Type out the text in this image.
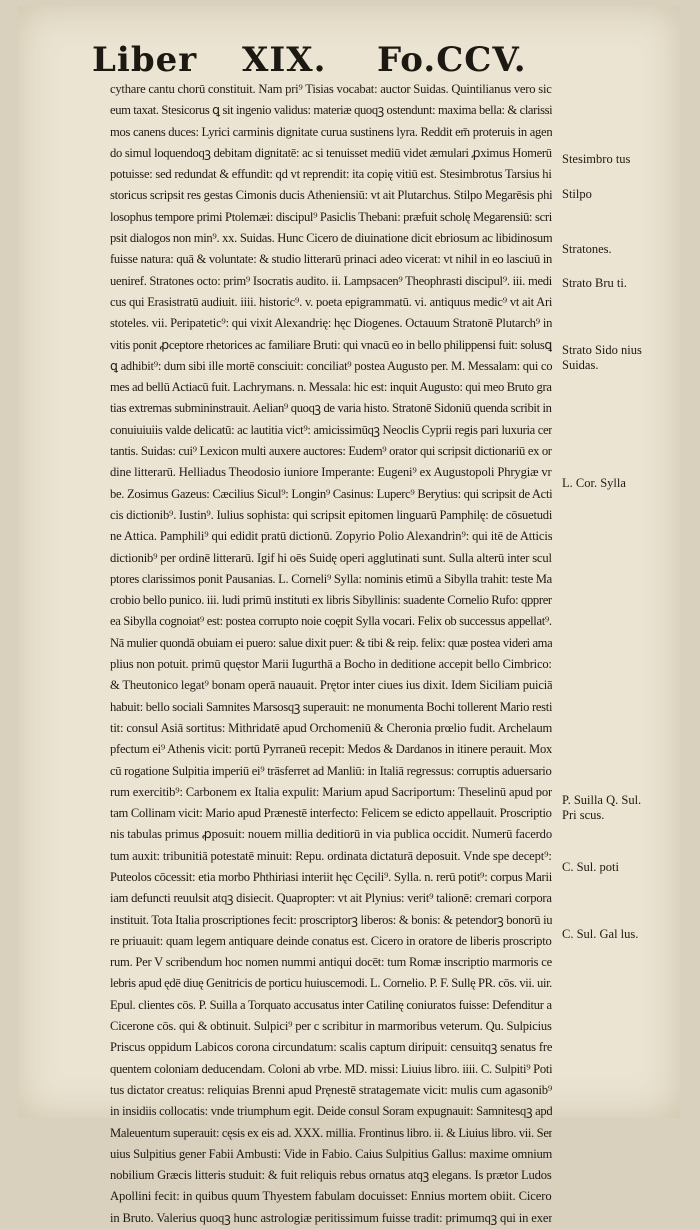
Liber XIX. Fo.CCV.
cythare cantu chorū constituit. Nam pri⁹ Tisias vocabat: auctor Suidas. Quintilianus vero sic
eum taxat. Stesicorus ꝗ sit ingenio validus: materiæ quoqꝫ ostendunt: maxima bella: & clarissi
mos canens duces: Lyrici carminis dignitate curua sustinens lyra. Reddit em̄ proteruis in agen
do simul loquendoqꝫ debitam dignitatē: ac si tenuisset mediū videt æmulari ꝓximus Homerū
potuisse: sed redundat & effundit: qd vt reprendit: ita copię vitiū est. Stesimbrotus Tarsius hi
storicus scripsit res gestas Cimonis ducis Atheniensiū: vt ait Plutarchus. Stilpo Megarēsis phi
losophus tempore primi Ptolemæi: discipul⁹ Pasiclis Thebani: præfuit scholę Megarensiū: scri
psit dialogos non min⁹. xx. Suidas. Hunc Cicero de diuinatione dicit ebriosum ac libidinosum
fuisse natura: quā & voluntate: & studio litterarū prinaci adeo vicerat: vt nihil in eo lasciuū in
ueniref. Stratones octo: prim⁹ Isocratis audito. ii. Lampsacen⁹ Theophrasti discipul⁹. iii. medi
cus qui Erasistratū audiuit. iiii. historic⁹. v. poeta epigrammatū. vi. antiquus medic⁹ vt ait Ari
stoteles. vii. Peripatetic⁹: qui vixit Alexandrię: hęc Diogenes. Octauum Stratonē Plutarch⁹ in
vitis ponit ꝓceptore rhetorices ac familiare Bruti: qui vnacū eo in bello philippensi fuit: solusꝗ
ꝗ adhibit⁹: dum sibi ille mortē consciuit: conciliat⁹ postea Augusto per. M. Messalam: qui co
mes ad bellū Actiacū fuit. Lachrymans. n. Messala: hic est: inquit Augusto: qui meo Bruto gra
tias extremas submininstrauit. Aelian⁹ quoqꝫ de varia histo. Stratonē Sidoniū quenda scribit in
conuiuiuiis valde delicatū: ac lautitia vict⁹: amicissimūqꝫ Neoclis Cyprii regis pari luxuria cer
tantis. Suidas: cui⁹ Lexicon multi auxere auctores: Eudem⁹ orator qui scripsit dictionariū ex or
dine litterarū. Helliadus Theodosio iuniore Imperante: Eugeni⁹ ex Augustopoli Phrygiæ vr
be. Zosimus Gazeus: Cæcilius Sicul⁹: Longin⁹ Casinus: Luperc⁹ Berytius: qui scripsit de Acti
cis dictionib⁹. Iustin⁹. Iulius sophista: qui scripsit epitomen linguarū Pamphilę: de cōsuetudi
ne Attica. Pamphili⁹ qui edidit pratū dictionū. Zopyrio Polio Alexandrin⁹: qui itē de Atticis
dictionib⁹ per ordinē litterarū. Igif hi oēs Suidę operi agglutinati sunt. Sulla alterū inter scul
ptores clarissimos ponit Pausanias. L. Corneli⁹ Sylla: nominis etimū a Sibylla trahit: teste Ma
crobio bello punico. iii. ludi primū instituti ex libris Sibyllinis: suadente Cornelio Rufo: qpprer
ea Sibylla cognoiat⁹ est: postea corrupto noie coępit Sylla vocari. Felix ob successus appellat⁹.
Nā mulier quondā obuiam ei puero: salue dixit puer: & tibi & reip. felix: quæ postea videri ama
plius non potuit. primū quęstor Marii Iugurthā a Bocho in deditione accepit bello Cimbrico:
& Theutonico legat⁹ bonam operā nauauit. Prętor inter ciues ius dixit. Idem Siciliam puiciā
habuit: bello sociali Samnites Marsosqꝫ superauit: ne monumenta Bochi tollerent Mario resti
tit: consul Asiā sortitus: Mithridatē apud Orchomeniū & Cheronia prœlio fudit. Archelaum
pfectum ei⁹ Athenis vicit: portū Pyrraneū recepit: Medos & Dardanos in itinere perauit. Mox
cū rogatione Sulpitia imperiū ei⁹ trāsferret ad Manliū: in Italiā regressus: corruptis aduersario
rum exercitib⁹: Carbonem ex Italia expulit: Marium apud Sacriportum: Theselinū apud por
tam Collinam vicit: Mario apud Prænestē interfecto: Felicem se edicto appellauit. Proscriptio
nis tabulas primus ꝓposuit: nouem millia deditiorū in via publica occidit. Numerū facerdo
tum auxit: tribunitiā potestatē minuit: Repu. ordinata dictaturā deposuit. Vnde spe decept⁹:
Puteolos cōcessit: etia morbo Phthiriasi interiit hęc Cęcili⁹. Sylla. n. rerū potit⁹: corpus Marii
iam defuncti reuulsit atqꝫ disiecit. Quapropter: vt ait Plynius: verit⁹ talionē: cremari corpora
instituit. Tota Italia proscriptiones fecit: proscriptorꝫ liberos: & bonis: & petendorꝫ bonorū iu
re priuauit: quam legem antiquare deinde conatus est. Cicero in oratore de liberis proscripto
rum. Per V scribendum hoc nomen nummi antiqui docēt: tum Romæ inscriptio marmoris ce
lebris apud ędē diuę Genitricis de porticu huiuscemodi. L. Cornelio. P. F. Sullę PR. cōs. vii. uir.
Epul. clientes cōs. P. Suilla a Torquato accusatus inter Catilinę coniuratos fuisse: Defenditur a
Cicerone cōs. qui & obtinuit. Sulpici⁹ per c scribitur in marmoribus veterum. Qu. Sulpicius
Priscus oppidum Labicos corona circundatum: scalis captum diripuit: censuitqꝫ senatus fre
quentem coloniam deducendam. Coloni ab vrbe. MD. missi: Liuius libro. iiii. C. Sulpiti⁹ Poti
tus dictator creatus: reliquias Brenni apud Pręnestē stratagemate vicit: mulis cum agasonib⁹
in insidiis collocatis: vnde triumphum egit. Deide consul Soram expugnauit: Samnitesqꝫ apd
Maleuentum superauit: cęsis ex eis ad. XXX. millia. Frontinus libro. ii. & Liuius libro. vii. Ser
uius Sulpitius gener Fabii Ambusti: Vide in Fabio. Caius Sulpitius Gallus: maxime omnium
nobilium Græcis litteris studuit: & fuit reliquis rebus ornatus atqꝫ elegans. Is prætor Ludos
Apollini fecit: in quibus quum Thyestem fabulam docuisset: Ennius mortem obiit. Cicero
in Bruto. Valerius quoqꝫ hunc astrologiæ peritissimum fuisse tradit: primumqꝫ qui in exer
Stesimbro tus
Stilpo
Stratones.
Strato Bru ti.
Strato Sido nius Suidas.
L. Cor. Sylla
P. Suilla Q. Sul. Pri scus.
C. Sul. poti
C. Sul. Gal lus.
